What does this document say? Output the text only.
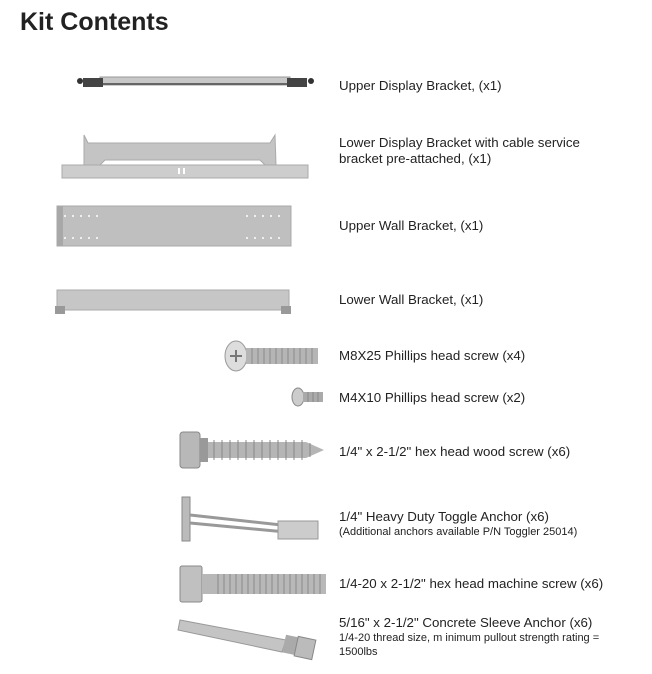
Kit Contents
Upper Display Bracket, (x1)
Lower Display Bracket with cable service bracket pre-attached, (x1)
Upper Wall Bracket, (x1)
Lower Wall Bracket, (x1)
M8X25 Phillips head screw (x4)
M4X10 Phillips head screw (x2)
1/4" x 2-1/2" hex head wood screw (x6)
1/4" Heavy Duty Toggle Anchor (x6)
(Additional anchors available P/N Toggler 25014)
1/4-20 x 2-1/2" hex head machine screw (x6)
5/16" x 2-1/2" Concrete Sleeve Anchor (x6)
1/4-20 thread size, m inimum pullout strength rating = 1500lbs
